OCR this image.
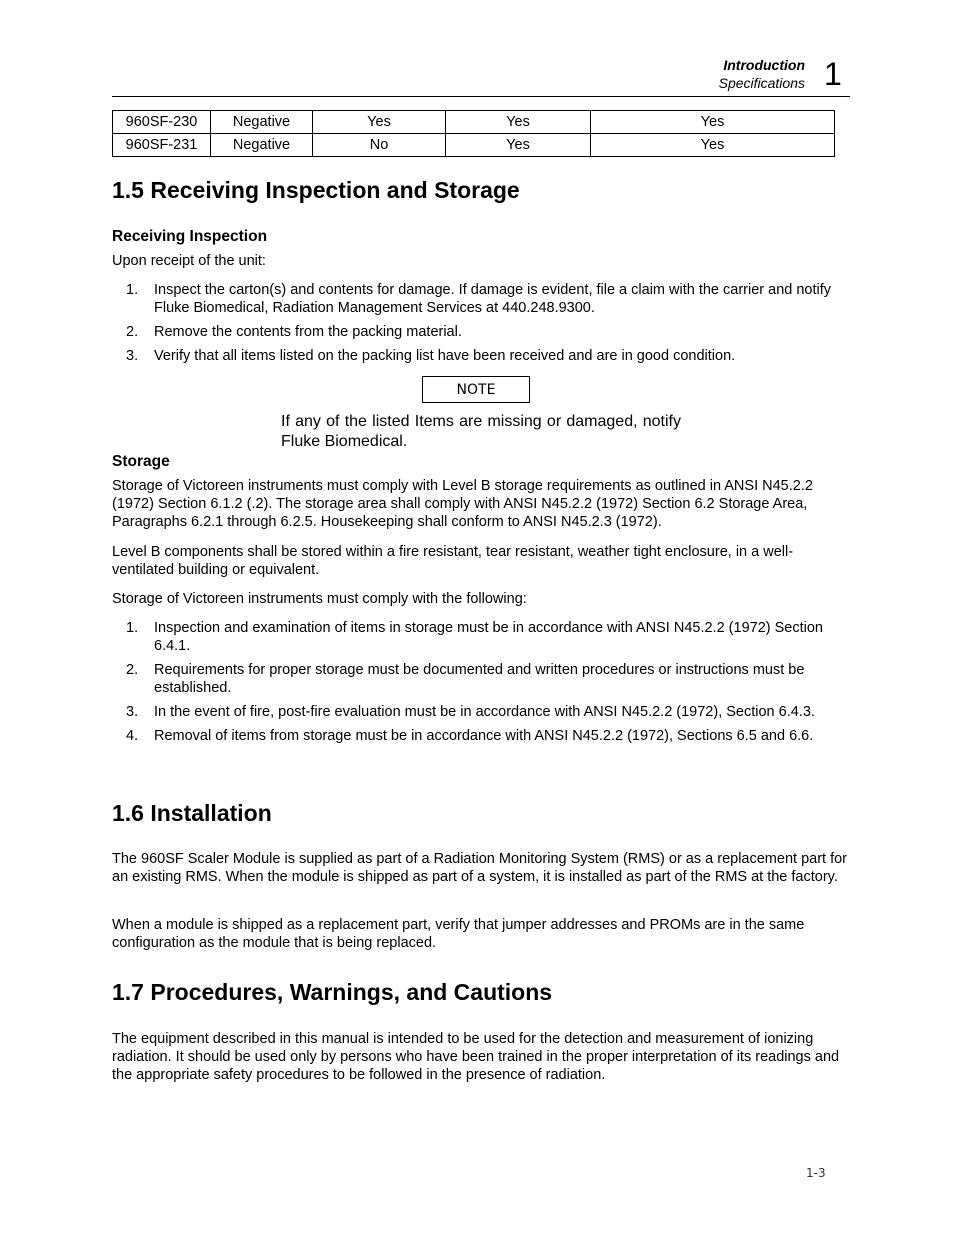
Introduction
Specifications 1
960SF-230	Negative	Yes	Yes	Yes
960SF-231	Negative	No	Yes	Yes
1.5 Receiving Inspection and Storage
Receiving Inspection

Upon receipt of the unit:

1. Inspect the carton(s) and contents for damage. If damage is evident, file a claim with the carrier and notify Fluke Biomedical, Radiation Management Services at 440.248.9300.
2. Remove the contents from the packing material.
3. Verify that all items listed on the packing list have been received and are in good condition.
NOTE
If any of the listed Items are missing or damaged, notify Fluke Biomedical.
Storage

Storage of Victoreen instruments must comply with Level B storage requirements as outlined in ANSI N45.2.2 (1972) Section 6.1.2 (.2). The storage area shall comply with ANSI N45.2.2 (1972) Section 6.2 Storage Area, Paragraphs 6.2.1 through 6.2.5. Housekeeping shall conform to ANSI N45.2.3 (1972).

Level B components shall be stored within a fire resistant, tear resistant, weather tight enclosure, in a well-ventilated building or equivalent.

Storage of Victoreen instruments must comply with the following:

1. Inspection and examination of items in storage must be in accordance with ANSI N45.2.2 (1972) Section 6.4.1.
2. Requirements for proper storage must be documented and written procedures or instructions must be established.
3. In the event of fire, post-fire evaluation must be in accordance with ANSI N45.2.2 (1972), Section 6.4.3.
4. Removal of items from storage must be in accordance with ANSI N45.2.2 (1972), Sections 6.5 and 6.6.
1.6 Installation

The 960SF Scaler Module is supplied as part of a Radiation Monitoring System (RMS) or as a replacement part for an existing RMS. When the module is shipped as part of a system, it is installed as part of the RMS at the factory.

When a module is shipped as a replacement part, verify that jumper addresses and PROMs are in the same configuration as the module that is being replaced.

1.7 Procedures, Warnings, and Cautions

The equipment described in this manual is intended to be used for the detection and measurement of ionizing radiation. It should be used only by persons who have been trained in the proper interpretation of its readings and the appropriate safety procedures to be followed in the presence of radiation.

1-3
